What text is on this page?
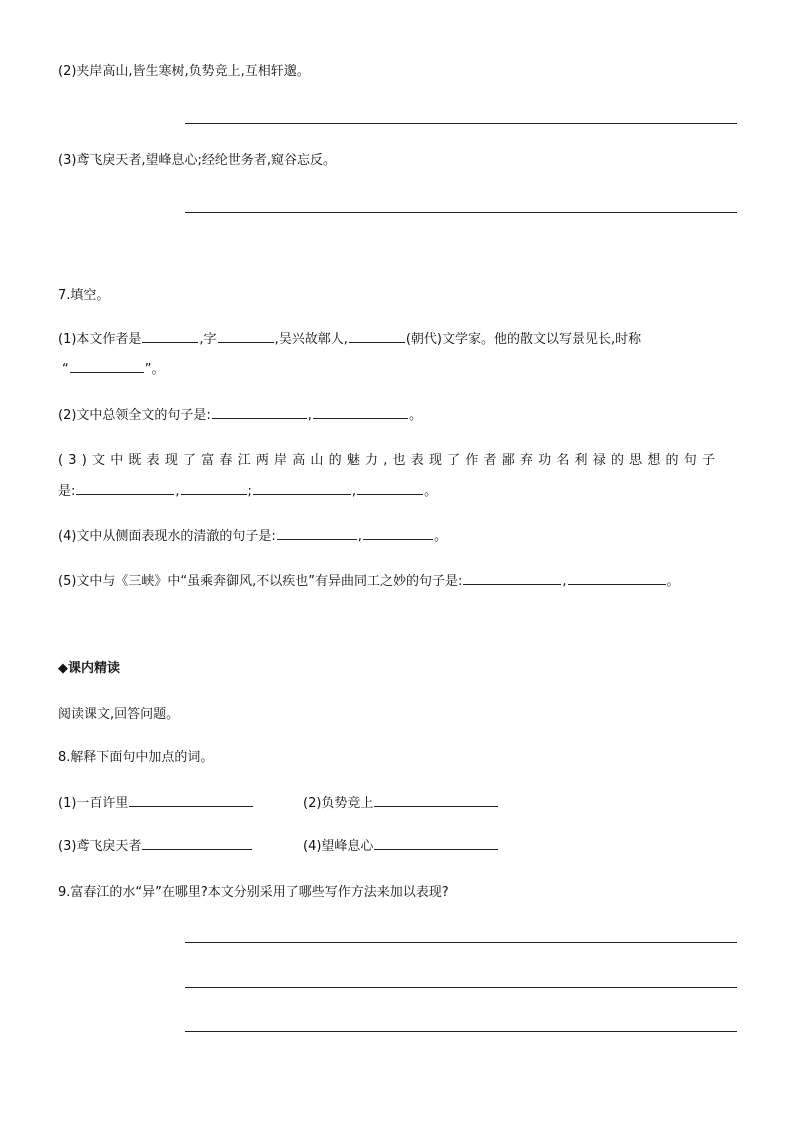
(2)夹岸高山,皆生寒树,负势竞上,互相轩邈。
(3)鸢飞戾天者,望峰息心;经纶世务者,窥谷忘反。
7.填空。
(1)本文作者是	,字	,吴兴故鄣人,	(朝代)文学家。他的散文以写景见长,时称
“	”。
(2)文中总领全文的句子是:	,	。
(3)文中既表现了富春江两岸高山的魅力,也表现了作者鄙弃功名利禄的思想的句子
是:	,	;	,	。
(4)文中从侧面表现水的清澈的句子是:	,	。
(5)文中与《三峡》中“虽乘奔御风,不以疾也”有异曲同工之妙的句子是:	,	。
◆课内精读
阅读课文,回答问题。
8.解释下面句中加点的词。
(1)一百许里	(2)负势竞上
(3)鸢飞戾天者	(4)望峰息心
9.富春江的水“异”在哪里?本文分别采用了哪些写作方法来加以表现?
